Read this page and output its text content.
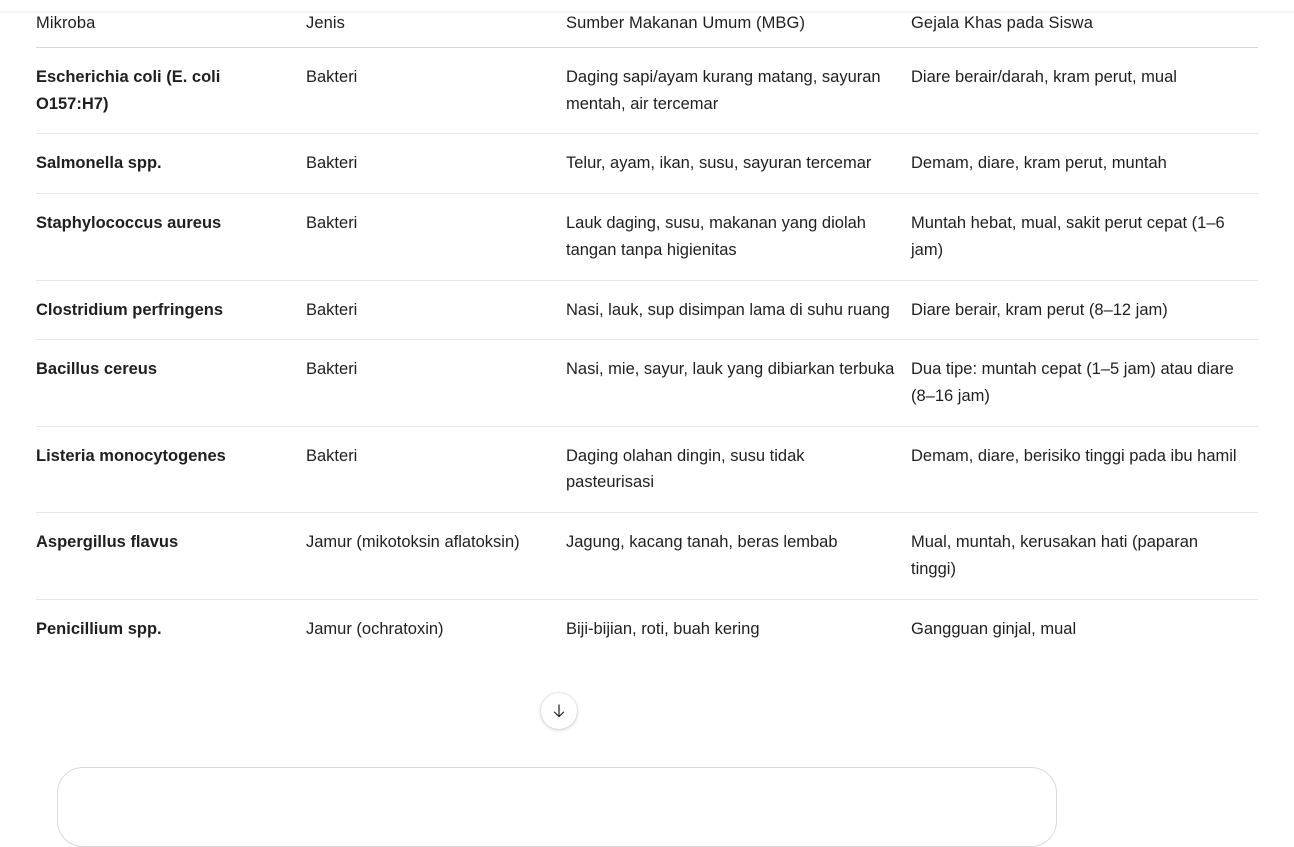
Mikroba	Jenis	Sumber Makanan Umum (MBG)	Gejala Khas pada Siswa
Escherichia coli (E. coli O157:H7)	Bakteri	Daging sapi/ayam kurang matang, sayuran mentah, air tercemar	Diare berair/darah, kram perut, mual
Salmonella spp.	Bakteri	Telur, ayam, ikan, susu, sayuran tercemar	Demam, diare, kram perut, muntah
Staphylococcus aureus	Bakteri	Lauk daging, susu, makanan yang diolah tangan tanpa higienitas	Muntah hebat, mual, sakit perut cepat (1–6 jam)
Clostridium perfringens	Bakteri	Nasi, lauk, sup disimpan lama di suhu ruang	Diare berair, kram perut (8–12 jam)
Bacillus cereus	Bakteri	Nasi, mie, sayur, lauk yang dibiarkan terbuka	Dua tipe: muntah cepat (1–5 jam) atau diare (8–16 jam)
Listeria monocytogenes	Bakteri	Daging olahan dingin, susu tidak pasteurisasi	Demam, diare, berisiko tinggi pada ibu hamil
Aspergillus flavus	Jamur (mikotoksin aflatoksin)	Jagung, kacang tanah, beras lembab	Mual, muntah, kerusakan hati (paparan tinggi)
Penicillium spp.	Jamur (ochratoxin)	Biji-bijian, roti, buah kering	Gangguan ginjal, mual
